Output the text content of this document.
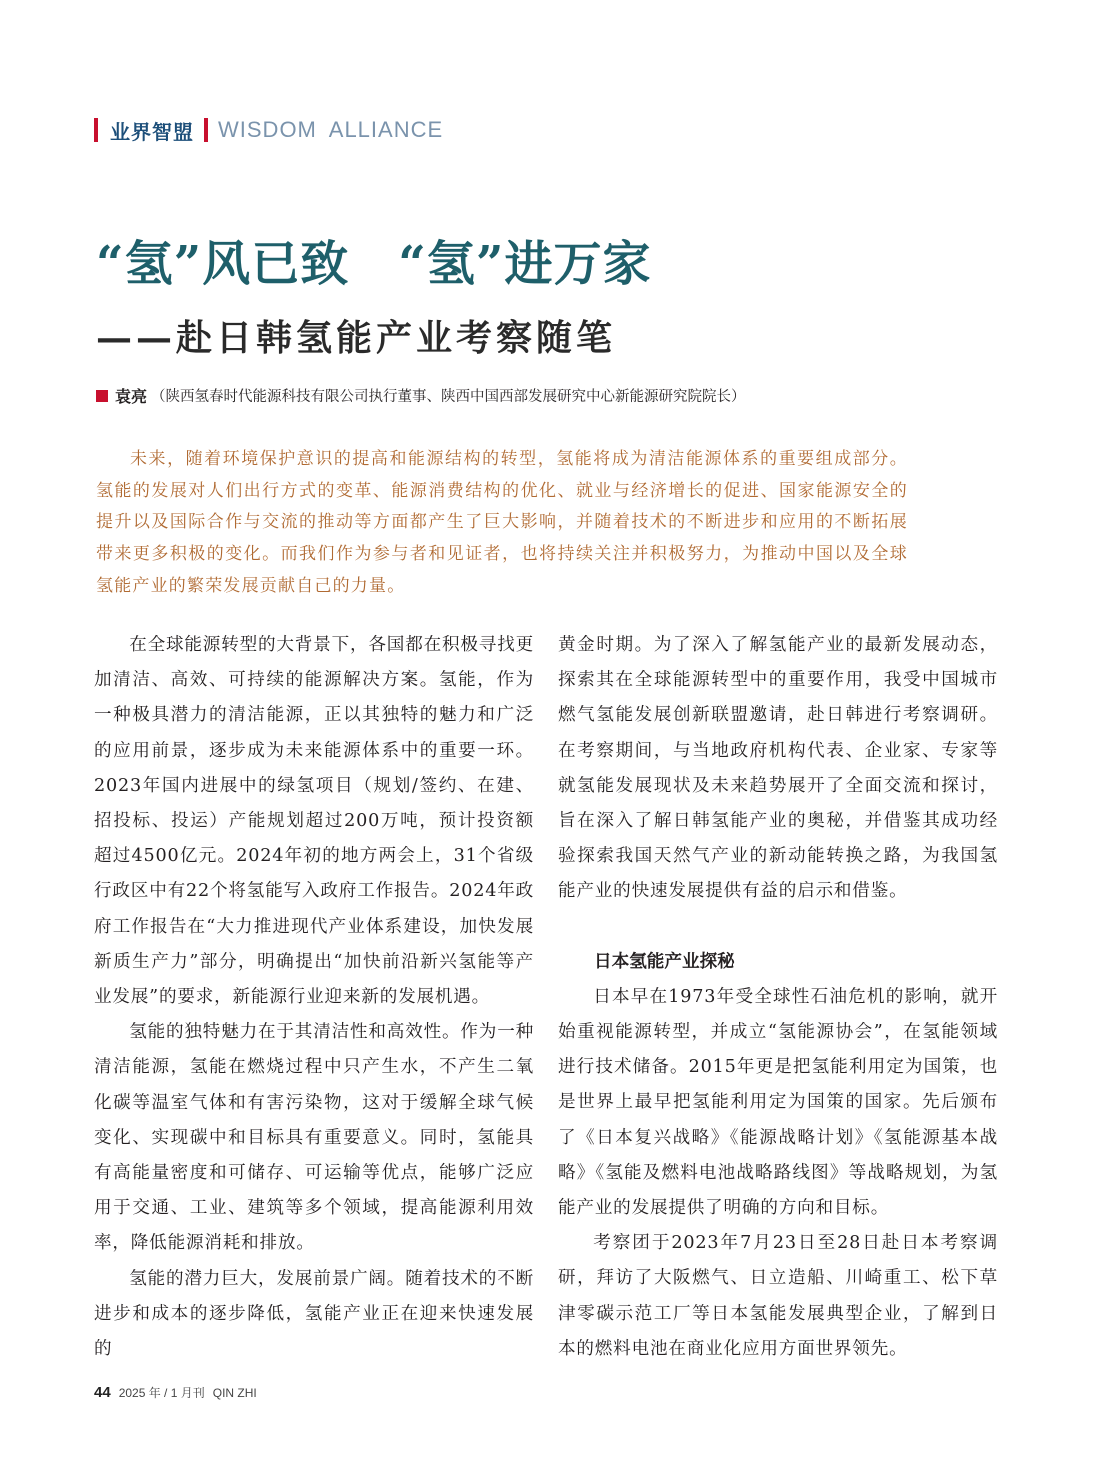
业界智盟 WISDOM ALLIANCE
“氢”风已致　“氢”进万家
——赴日韩氢能产业考察随笔
袁亮 （陕西氢春时代能源科技有限公司执行董事、陕西中国西部发展研究中心新能源研究院院长）

未来，随着环境保护意识的提高和能源结构的转型，氢能将成为清洁能源体系的重要组成部分。氢能的发展对人们出行方式的变革、能源消费结构的优化、就业与经济增长的促进、国家能源安全的提升以及国际合作与交流的推动等方面都产生了巨大影响，并随着技术的不断进步和应用的不断拓展带来更多积极的变化。而我们作为参与者和见证者，也将持续关注并积极努力，为推动中国以及全球氢能产业的繁荣发展贡献自己的力量。

在全球能源转型的大背景下，各国都在积极寻找更加清洁、高效、可持续的能源解决方案。氢能，作为一种极具潜力的清洁能源，正以其独特的魅力和广泛的应用前景，逐步成为未来能源体系中的重要一环。2023年国内进展中的绿氢项目（规划/签约、在建、招投标、投运）产能规划超过200万吨，预计投资额超过4500亿元。2024年初的地方两会上，31个省级行政区中有22个将氢能写入政府工作报告。2024年政府工作报告在“大力推进现代产业体系建设，加快发展新质生产力”部分，明确提出“加快前沿新兴氢能等产业发展”的要求，新能源行业迎来新的发展机遇。

氢能的独特魅力在于其清洁性和高效性。作为一种清洁能源，氢能在燃烧过程中只产生水，不产生二氧化碳等温室气体和有害污染物，这对于缓解全球气候变化、实现碳中和目标具有重要意义。同时，氢能具有高能量密度和可储存、可运输等优点，能够广泛应用于交通、工业、建筑等多个领域，提高能源利用效率，降低能源消耗和排放。

氢能的潜力巨大，发展前景广阔。随着技术的不断进步和成本的逐步降低，氢能产业正在迎来快速发展的

黄金时期。为了深入了解氢能产业的最新发展动态，探索其在全球能源转型中的重要作用，我受中国城市燃气氢能发展创新联盟邀请，赴日韩进行考察调研。在考察期间，与当地政府机构代表、企业家、专家等就氢能发展现状及未来趋势展开了全面交流和探讨，旨在深入了解日韩氢能产业的奥秘，并借鉴其成功经验探索我国天然气产业的新动能转换之路，为我国氢能产业的快速发展提供有益的启示和借鉴。

日本氢能产业探秘

日本早在1973年受全球性石油危机的影响，就开始重视能源转型，并成立“氢能源协会”，在氢能领域进行技术储备。2015年更是把氢能利用定为国策，也是世界上最早把氢能利用定为国策的国家。先后颁布了《日本复兴战略》《能源战略计划》《氢能源基本战略》《氢能及燃料电池战略路线图》等战略规划，为氢能产业的发展提供了明确的方向和目标。

考察团于2023年7月23日至28日赴日本考察调研，拜访了大阪燃气、日立造船、川崎重工、松下草津零碳示范工厂等日本氢能发展典型企业，了解到日本的燃料电池在商业化应用方面世界领先。

44 2025 年 / 1 月刊 QIN ZHI
